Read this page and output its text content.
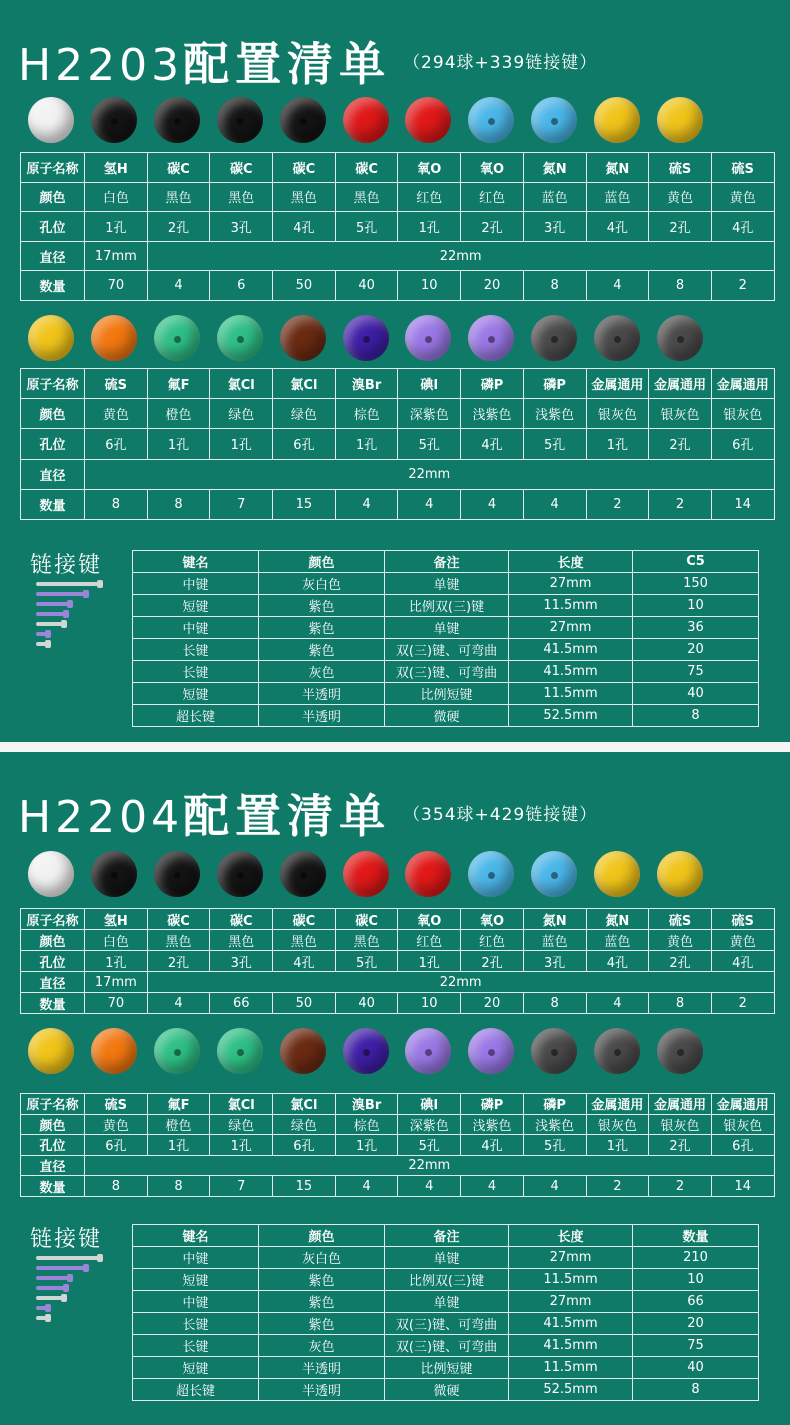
H2203配置清单 （294球+339链接键）
原子名称	氢H	碳C	碳C	碳C	碳C	氧O	氧O	氮N	氮N	硫S	硫S
颜色	白色	黑色	黑色	黑色	黑色	红色	红色	蓝色	蓝色	黄色	黄色
孔位	1孔	2孔	3孔	4孔	5孔	1孔	2孔	3孔	4孔	2孔	4孔
直径	17mm	22mm									
数量	70	4	6	50	40	10	20	8	4	8	2
原子名称	硫S	氟F	氯Cl	氯Cl	溴Br	碘I	磷P	磷P	金属通用	金属通用	金属通用
颜色	黄色	橙色	绿色	绿色	棕色	深紫色	浅紫色	浅紫色	银灰色	银灰色	银灰色
孔位	6孔	1孔	1孔	6孔	1孔	5孔	4孔	5孔	1孔	2孔	6孔
直径	22mm										
数量	8	8	7	15	4	4	4	4	2	2	14
链接键	键名	颜色	备注	长度	C5
中键	灰白色	单键	27mm	150
短键	紫色	比例双(三)键	11.5mm	10
中键	紫色	单键	27mm	36
长键	紫色	双(三)键、可弯曲	41.5mm	20
长键	灰色	双(三)键、可弯曲	41.5mm	75
短键	半透明	比例短键	11.5mm	40
超长键	半透明	微硬	52.5mm	8
H2204配置清单 （354球+429链接键）
原子名称	氢H	碳C	碳C	碳C	碳C	氧O	氧O	氮N	氮N	硫S	硫S
颜色	白色	黑色	黑色	黑色	黑色	红色	红色	蓝色	蓝色	黄色	黄色
孔位	1孔	2孔	3孔	4孔	5孔	1孔	2孔	3孔	4孔	2孔	4孔
直径	17mm	22mm									
数量	70	4	66	50	40	10	20	8	4	8	2
原子名称	硫S	氟F	氯Cl	氯Cl	溴Br	碘I	磷P	磷P	金属通用	金属通用	金属通用
颜色	黄色	橙色	绿色	绿色	棕色	深紫色	浅紫色	浅紫色	银灰色	银灰色	银灰色
孔位	6孔	1孔	1孔	6孔	1孔	5孔	4孔	5孔	1孔	2孔	6孔
直径	22mm										
数量	8	8	7	15	4	4	4	4	2	2	14
链接键	键名	颜色	备注	长度	数量
中键	灰白色	单键	27mm	210
短键	紫色	比例双(三)键	11.5mm	10
中键	紫色	单键	27mm	66
长键	紫色	双(三)键、可弯曲	41.5mm	20
长键	灰色	双(三)键、可弯曲	41.5mm	75
短键	半透明	比例短键	11.5mm	40
超长键	半透明	微硬	52.5mm	8
